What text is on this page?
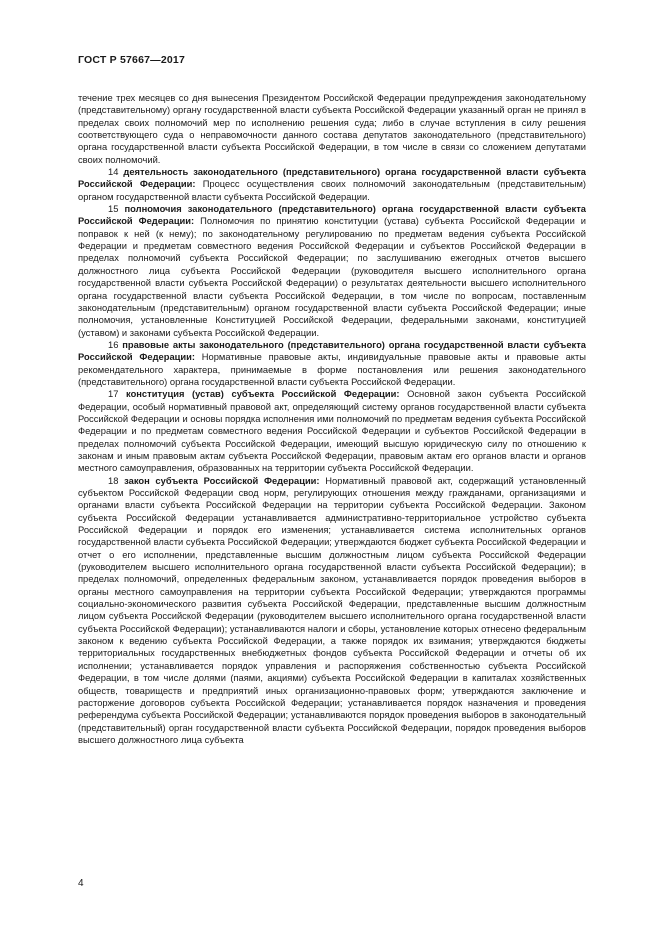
ГОСТ Р 57667—2017

течение трех месяцев со дня вынесения Президентом Российской Федерации предупреждения законодательному (представительному) органу государственной власти субъекта Российской Федерации указанный орган не принял в пределах своих полномочий мер по исполнению решения суда; либо в случае вступления в силу решения соответствующего суда о неправомочности данного состава депутатов законодательного (представительного) органа государственной власти субъекта Российской Федерации, в том числе в связи со сложением депутатами своих полномочий.

14 деятельность законодательного (представительного) органа государственной власти субъекта Российской Федерации: Процесс осуществления своих полномочий законодательным (представительным) органом государственной власти субъекта Российской Федерации.

15 полномочия законодательного (представительного) органа государственной власти субъекта Российской Федерации: Полномочия по принятию конституции (устава) субъекта Российской Федерации и поправок к ней (к нему); по законодательному регулированию по предметам ведения субъекта Российской Федерации и предметам совместного ведения Российской Федерации и субъектов Российской Федерации в пределах полномочий субъекта Российской Федерации; по заслушиванию ежегодных отчетов высшего должностного лица субъекта Российской Федерации (руководителя высшего исполнительного органа государственной власти субъекта Российской Федерации) о результатах деятельности высшего исполнительного органа государственной власти субъекта Российской Федерации, в том числе по вопросам, поставленным законодательным (представительным) органом государственной власти субъекта Российской Федерации; иные полномочия, установленные Конституцией Российской Федерации, федеральными законами, конституцией (уставом) и законами субъекта Российской Федерации.

16 правовые акты законодательного (представительного) органа государственной власти субъекта Российской Федерации: Нормативные правовые акты, индивидуальные правовые акты и правовые акты рекомендательного характера, принимаемые в форме постановления или решения законодательного (представительного) органа государственной власти субъекта Российской Федерации.

17 конституция (устав) субъекта Российской Федерации: Основной закон субъекта Российской Федерации, особый нормативный правовой акт, определяющий систему органов государственной власти субъекта Российской Федерации и основы порядка исполнения ими полномочий по предметам ведения субъекта Российской Федерации и по предметам совместного ведения Российской Федерации и субъектов Российской Федерации в пределах полномочий субъекта Российской Федерации, имеющий высшую юридическую силу по отношению к законам и иным правовым актам субъекта Российской Федерации, правовым актам его органов власти и органов местного самоуправления, образованных на территории субъекта Российской Федерации.

18 закон субъекта Российской Федерации: Нормативный правовой акт, содержащий установленный субъектом Российской Федерации свод норм, регулирующих отношения между гражданами, организациями и органами власти субъекта Российской Федерации на территории субъекта Российской Федерации. Законом субъекта Российской Федерации устанавливается административно-территориальное устройство субъекта Российской Федерации и порядок его изменения; устанавливается система исполнительных органов государственной власти субъекта Российской Федерации; утверждаются бюджет субъекта Российской Федерации и отчет о его исполнении, представленные высшим должностным лицом субъекта Российской Федерации (руководителем высшего исполнительного органа государственной власти субъекта Российской Федерации); в пределах полномочий, определенных федеральным законом, устанавливается порядок проведения выборов в органы местного самоуправления на территории субъекта Российской Федерации; утверждаются программы социально-экономического развития субъекта Российской Федерации, представленные высшим должностным лицом субъекта Российской Федерации (руководителем высшего исполнительного органа государственной власти субъекта Российской Федерации); устанавливаются налоги и сборы, установление которых отнесено федеральным законом к ведению субъекта Российской Федерации, а также порядок их взимания; утверждаются бюджеты территориальных государственных внебюджетных фондов субъекта Российской Федерации и отчеты об их исполнении; устанавливается порядок управления и распоряжения собственностью субъекта Российской Федерации, в том числе долями (паями, акциями) субъекта Российской Федерации в капиталах хозяйственных обществ, товариществ и предприятий иных организационно-правовых форм; утверждаются заключение и расторжение договоров субъекта Российской Федерации; устанавливается порядок назначения и проведения референдума субъекта Российской Федерации; устанавливаются порядок проведения выборов в законодательный (представительный) орган государственной власти субъекта Российской Федерации, порядок проведения выборов высшего должностного лица субъекта

4
